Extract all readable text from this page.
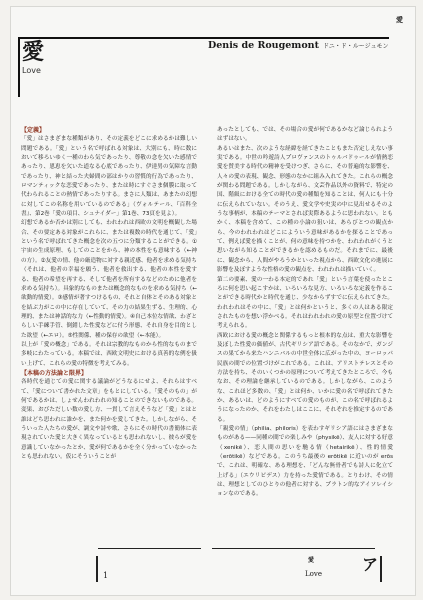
愛
愛
Love
Denis de Rougemont ドニ・ド・ルージュモン

【定義】

「愛」はさまざまな種類があり、その定義をどこに求めるかは難しい問題である。「愛」という名で呼ばれる対象は、大別にも、時に数において移ろいゆく一種のわら気であったり、尊敬の念を欠いた感情であったり、恩恵を欠いた道なる心底であったり、伊達男の気障な言動であったり、神と結った夫婦間の部はかりの習慣的行為であったり、ロマンティックな恋愛であったり、または時にすぐさま個膜に取って代わられることの熱情であったりする。まさに人類は、あまたの幻想に対してこの名称を用いているのである」（ヴォルテール、『百科全書』、第2巻「愛の項目、シュナイダー」第1巻、73頁を見よ）。

幻想であるか否かは別にしても、われわれは西欧の文明を概観した場合、その要定ある対象がこれらに、または複数の時代を通じて、「愛」という名で呼ばれてきた概念を次の五つに分類することができる。①宇宙の生成原理、もしてのことをから、神の本性をも意味する（←神の方）。②友愛の情、他の厳造物に対する親近感、他者を求める気持ち（それは、他者の幸福を願う、他者を救出する、他者の本性を愛する、他者の希望を再する、そして他者を所有するなどのために他者を求める気持ち）。具象的なものまたは概念的なものを求める気持ち（←欲動的情愛）。③感情が著すつけるもの、それと自体とそのある対象とを結ぶ力がこの中に存在していて、その力の結果生ずる、生理的、心理的、または神話的な力（←性動的情愛）。④自己本位な情欲、わざとらしい手練手管、倒錯した性愛などに付う形態、それ自身を目的とした欲望（←エロ）。⑤性関係、種の保存の欲望（←本能）。

以上が「愛の概念」である。それは宗教的なものから性的なものまで多岐にわたっている。本稿では、西欧文明史における真善的な例を扱い上げて、これらの愛の特徴を考えてみる。

【本稿の方法論と限界】

各時代を通じての愛に関する議論がどうなるにせよ、それらはすべて、「愛について書かれた文章」をもとにしている。「愛そのもの」が何であるかは、しょせんわれわれの知ることのできないものである。変果、おびただしい数の愛し方、一貫して言えそうなど「愛」とはと誰はどち思われに誰かを、また何かを愛してきた。しかしながら、そういった人たちの愛が、調文や詩や歌、さらにその時代の書簡体に表現されていた愛と大きく異なっているとも思われないし、彼らが愛を意識していなかったとか、愛が何であるかを全く分かっていなかったとも思われない。仮にそういうことが

あったとしても、では、その場合の愛が何であるかなど論じられようはずはない。

あるいはまた、次のような経緯を経てきたこともまた否定しえない事実である。中世の吟遊詩人プロヴァンスのトゥルバドゥールが情熱恋愛を賛美する時代の精神を受けつぎ、さらに、その普遍的な影響を、人々の愛の表現、観念、形態のなかに組み入れてきた。これらの概念が関わる問題である。しかしながら、文芸作品以外の資料で、特定の国、階級における全ての時代の愛の種類を知ることは、何人にも十分に伝えられていない。そのうえ、愛文学や史実の中に見出せるそのような事柄が、本稿のテーマとされば実際あるように思われない。ともかく、本稿を含めて、この種の小論の狙いは、あらびとつの観点から、今のわれわれはどこによういう意味があるかを探ることであって、例えば愛を描くことが、何の意味を持つかを、われわれがくうと思いながら知ることができるかを認めるものだ。それまでに、最後に、観念から、人間がやろうかといった視点から、西欧文化の進展に影響を及ぼすような性格の愛の観点を、われわれは描いていく。

第二の要素、愛の一わる本定的であれ「愛」という言葉を使ったところに何を思い起こすかは、いろいろな見方、いろいろな定義を作ることができる時代かと時代を通じ、少なからずすでに伝えられてきた。われわれはその中に、「愛」とは何かというと、多くの人はある限定されたものを想い浮かべる。それはわれわれの愛の原型と位置づけて考えられる。

西欧における愛の概念と関係するもっと根本的な点は、重大な影響を及ぼした性愛の価値が、古代ギリシア語である。そのなかで、ガンジスの果てから来たハンニバルの中世全体に広がった中の、ヨーロッパ民族の間での位置づけがこれである。これは、アリストテレスとその方法を持ち、そのいくつかの原理について考えてきたところで、今もなお、その理論を継承しているのである。しかしながら、このような、これほど多数の、「愛」とは何か、いかに愛の名で呼ばれてきたか、あるいは、どのようにすべての愛のものが、この名で呼ばれるようになったのか、それをわたしはここに、それぞれを推定するのである。

「親愛の情」（philia、philoris）を表わすギリシア語にはさまざまなものがある——同種の間での楽しみや（physikē）、友人に対する好意（xenikē）、恋人間の思いを馳る情（hetairikē）、性的情愛（erōtikē）などである。このうち最後の erōtikē に近いのが erōs で、これは、明確な、ある理想を、「どんな無骨者でも詩人に化立て上げる」（エウリピデス）力を持った愛情である。とりわけ、その情は、理想としてのひとりの他者に対する、プラトン的なアイソレイションなのである。

1
愛
Love	ア
